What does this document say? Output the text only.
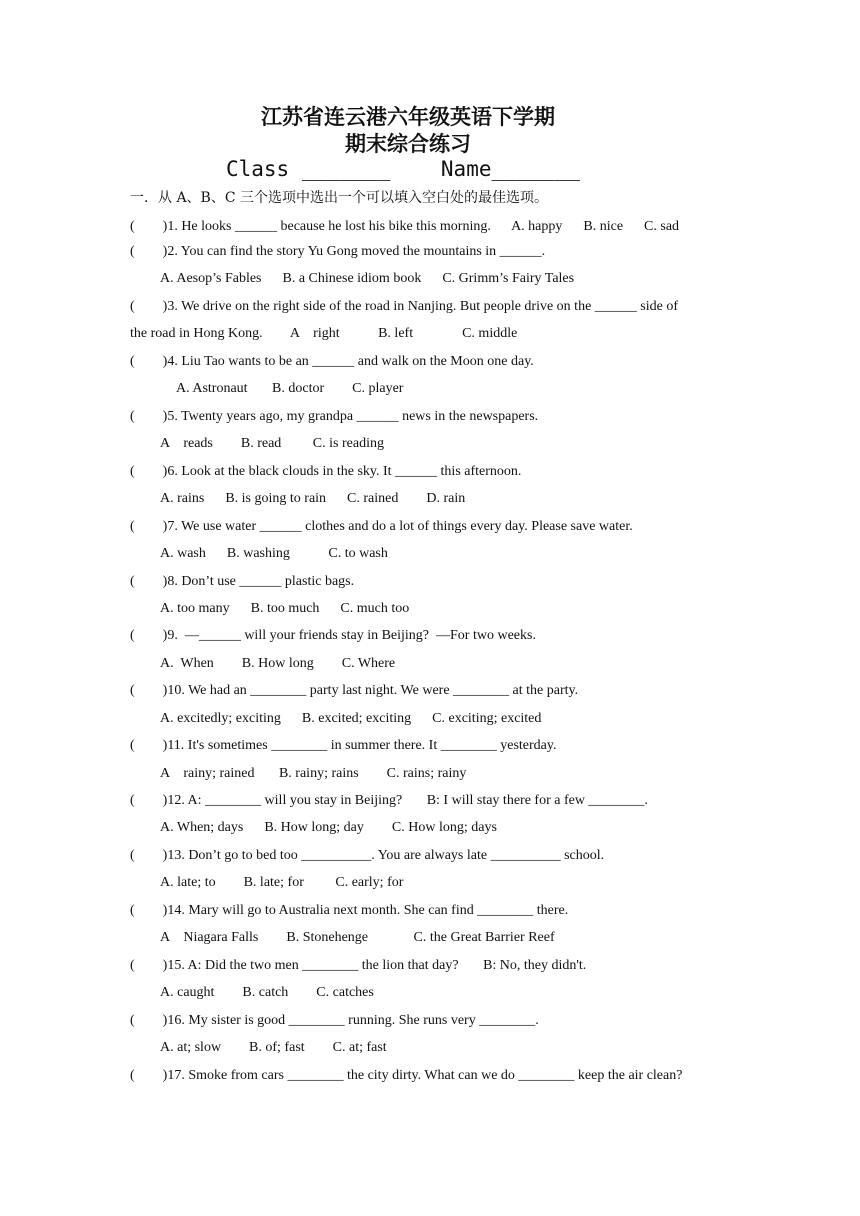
江苏省连云港六年级英语下学期
期末综合练习
Class _______    Name_______
一．从 A、B、C 三个选项中选出一个可以填入空白处的最佳选项。
(        )1. He looks ______ because he lost his bike this morning.      A. happy      B. nice      C. sad
(        )2. You can find the story Yu Gong moved the mountains in ______.
A. Aesop’s Fables      B. a Chinese idiom book      C. Grimm’s Fairy Tales
(        )3. We drive on the right side of the road in Nanjing. But people drive on the ______ side of
the road in Hong Kong.        A    right           B. left              C. middle
(        )4. Liu Tao wants to be an ______ and walk on the Moon one day.
A. Astronaut       B. doctor        C. player
(        )5. Twenty years ago, my grandpa ______ news in the newspapers.
A    reads        B. read         C. is reading
(        )6. Look at the black clouds in the sky. It ______ this afternoon.
A. rains      B. is going to rain      C. rained        D. rain
(        )7. We use water ______ clothes and do a lot of things every day. Please save water.
A. wash      B. washing           C. to wash
(        )8. Don’t use ______ plastic bags.
A. too many      B. too much      C. much too
(        )9.  —______ will your friends stay in Beijing?  —For two weeks.
A.  When        B. How long        C. Where
(        )10. We had an ________ party last night. We were ________ at the party.
A. excitedly; exciting      B. excited; exciting      C. exciting; excited
(        )11. It's sometimes ________ in summer there. It ________ yesterday.
A    rainy; rained       B. rainy; rains        C. rains; rainy
(        )12. A: ________ will you stay in Beijing?       B: I will stay there for a few ________.
A. When; days      B. How long; day        C. How long; days
(        )13. Don’t go to bed too __________. You are always late __________ school.
A. late; to        B. late; for         C. early; for
(        )14. Mary will go to Australia next month. She can find ________ there.
A    Niagara Falls        B. Stonehenge             C. the Great Barrier Reef
(        )15. A: Did the two men ________ the lion that day?       B: No, they didn't.
A. caught        B. catch        C. catches
(        )16. My sister is good ________ running. She runs very ________.
A. at; slow        B. of; fast        C. at; fast
(        )17. Smoke from cars ________ the city dirty. What can we do ________ keep the air clean?
